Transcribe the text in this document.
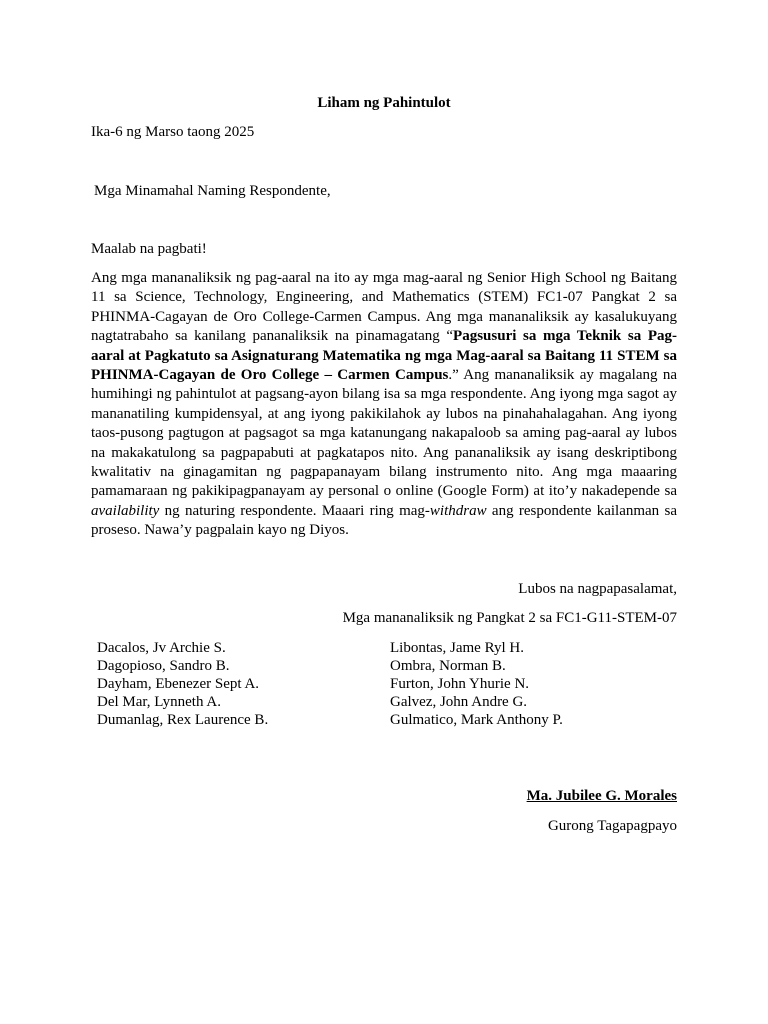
Liham ng Pahintulot
Ika-6 ng Marso taong 2025
Mga Minamahal Naming Respondente,
Maalab na pagbati!

Ang mga mananaliksik ng pag-aaral na ito ay mga mag-aaral ng Senior High School ng Baitang 11 sa Science, Technology, Engineering, and Mathematics (STEM) FC1-07 Pangkat 2 sa PHINMA-Cagayan de Oro College-Carmen Campus. Ang mga mananaliksik ay kasalukuyang nagtatrabaho sa kanilang pananaliksik na pinamagatang “Pagsusuri sa mga Teknik sa Pag-aaral at Pagkatuto sa Asignaturang Matematika ng mga Mag-aaral sa Baitang 11 STEM sa PHINMA-Cagayan de Oro College – Carmen Campus.” Ang mananaliksik ay magalang na humihingi ng pahintulot at pagsang-ayon bilang isa sa mga respondente. Ang iyong mga sagot ay mananatiling kumpidensyal, at ang iyong pakikilahok ay lubos na pinahahalagahan. Ang iyong taos-pusong pagtugon at pagsagot sa mga katanungang nakapaloob sa aming pag-aaral ay lubos na makakatulong sa pagpapabuti at pagkatapos nito. Ang pananaliksik ay isang deskriptibong kwalitativ na ginagamitan ng pagpapanayam bilang instrumento nito. Ang mga maaaring pamamaraan ng pakikipagpanayam ay personal o online (Google Form) at ito’y nakadepende sa availability ng naturing respondente. Maaari ring mag-withdraw ang respondente kailanman sa proseso. Nawa’y pagpalain kayo ng Diyos.

Lubos na nagpapasalamat,
Mga mananaliksik ng Pangkat 2 sa FC1-G11-STEM-07
Dacalos, Jv Archie S.
Dagopioso, Sandro B.
Dayham, Ebenezer Sept A.
Del Mar, Lynneth A.
Dumanlag, Rex Laurence B.
Libontas, Jame Ryl H.
Ombra, Norman B.
Furton, John Yhurie N.
Galvez, John Andre G.
Gulmatico, Mark Anthony P.
Ma. Jubilee G. Morales
Gurong Tagapagpayo
